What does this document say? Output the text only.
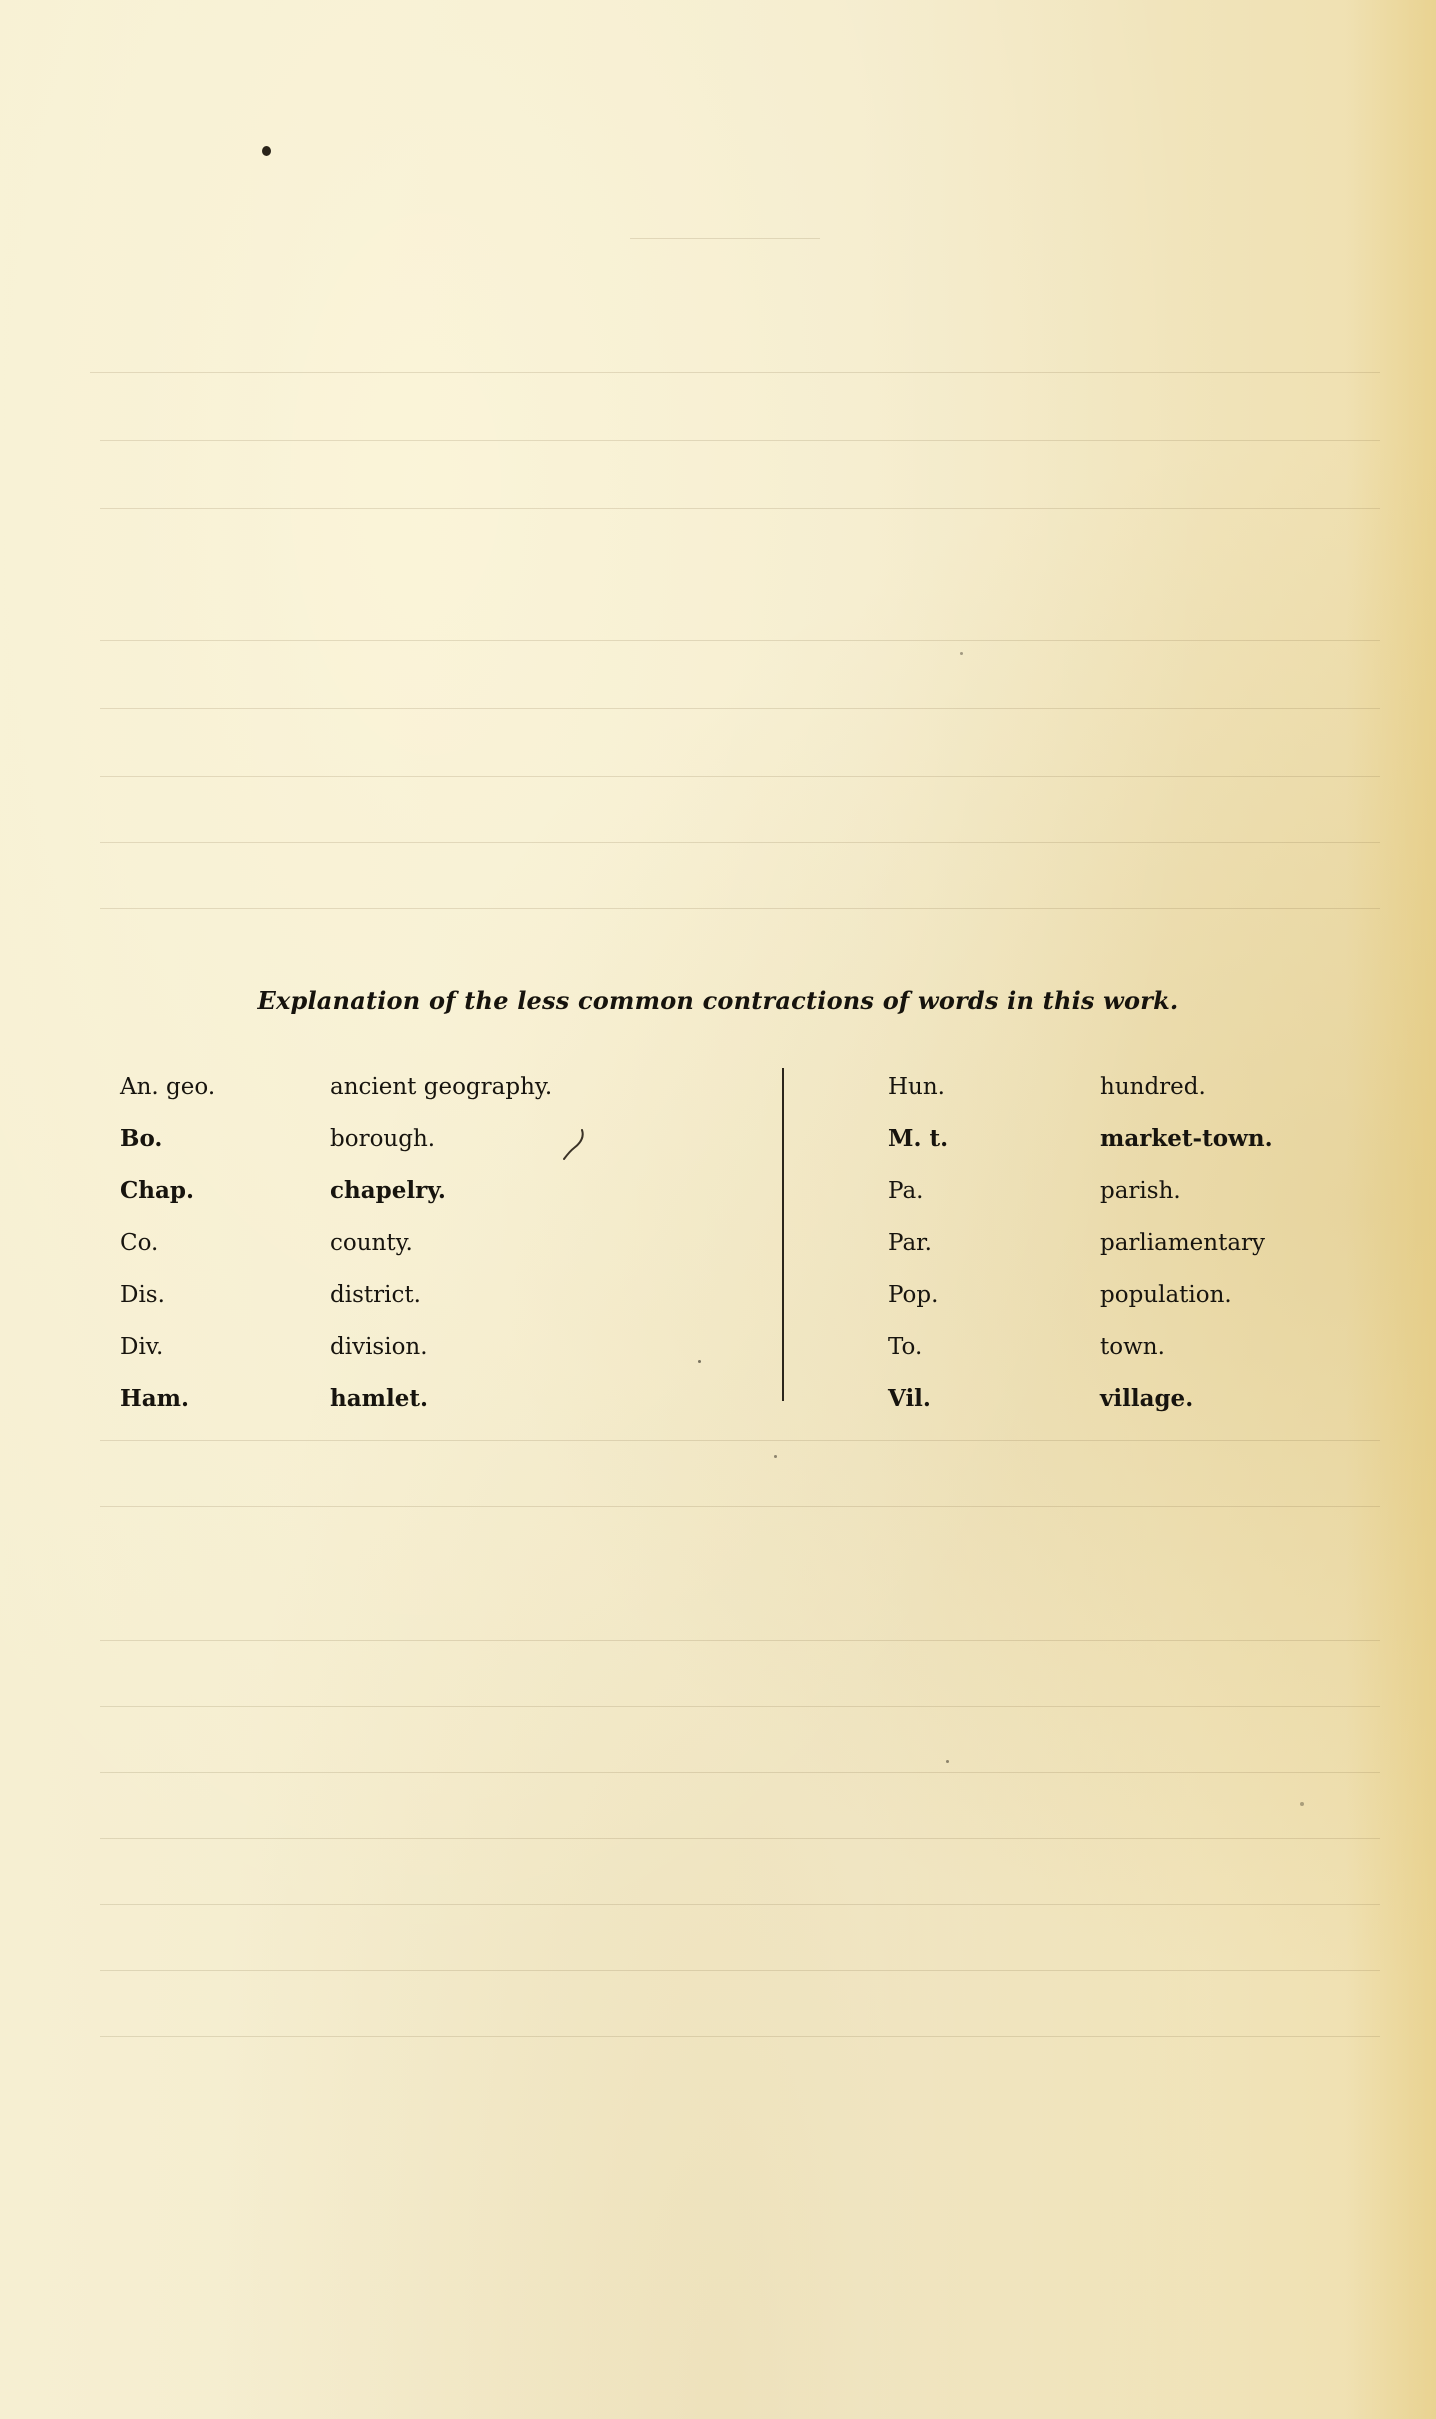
Explanation of the less common contractions of words in this work.
An. geo.	ancient geography.
Bo.	borough.
Chap.	chapelry.
Co.	county.
Dis.	district.
Div.	division.
Ham.	hamlet.
Hun.	hundred.
M. t.	market-town.
Pa.	parish.
Par.	parliamentary
Pop.	population.
To.	town.
Vil.	village.
